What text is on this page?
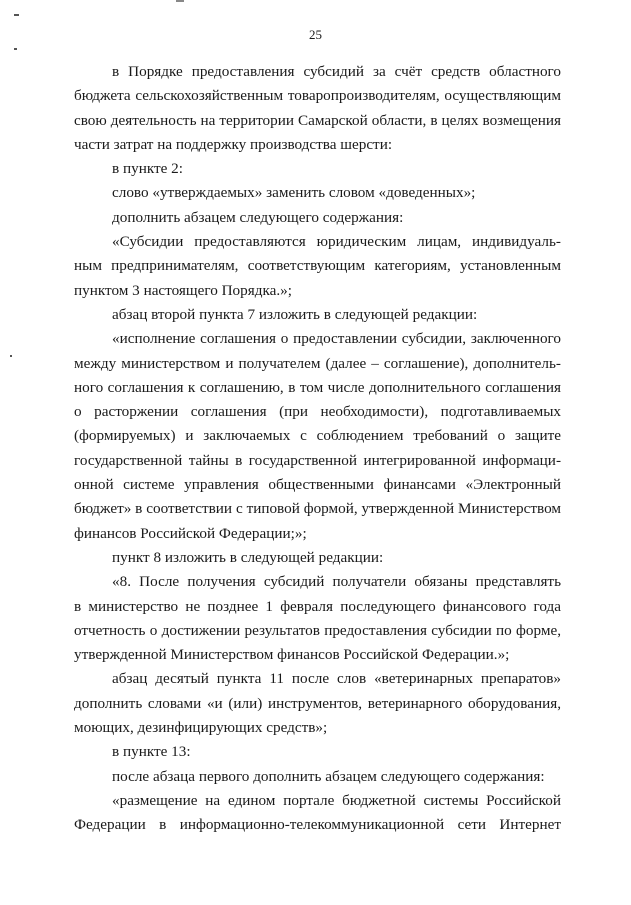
25
в Порядке предоставления субсидий за счёт средств областного
бюджета сельскохозяйственным товаропроизводителям, осуществляющим
свою деятельность на территории Самарской области, в целях возмещения
части затрат на поддержку производства шерсти:
в пункте 2:
слово «утверждаемых» заменить словом «доведенных»;
дополнить абзацем следующего содержания:
«Субсидии предоставляются юридическим лицам, индивидуаль-
ным предпринимателям, соответствующим категориям, установленным
пунктом 3 настоящего Порядка.»;
абзац второй пункта 7 изложить в следующей редакции:
«исполнение соглашения о предоставлении субсидии, заключенного
между министерством и получателем (далее – соглашение), дополнитель-
ного соглашения к соглашению, в том числе дополнительного соглашения
о расторжении соглашения (при необходимости), подготавливаемых
(формируемых) и заключаемых с соблюдением требований о защите
государственной тайны в государственной интегрированной информаци-
онной системе управления общественными финансами «Электронный
бюджет» в соответствии с типовой формой, утвержденной Министерством
финансов Российской Федерации;»;
пункт 8 изложить в следующей редакции:
«8. После получения субсидий получатели обязаны представлять
в министерство не позднее 1 февраля последующего финансового года
отчетность о достижении результатов предоставления субсидии по форме,
утвержденной Министерством финансов Российской Федерации.»;
абзац десятый пункта 11 после слов «ветеринарных препаратов»
дополнить словами «и (или) инструментов, ветеринарного оборудования,
моющих, дезинфицирующих средств»;
в пункте 13:
после абзаца первого дополнить абзацем следующего содержания:
«размещение на едином портале бюджетной системы Российской
Федерации в информационно-телекоммуникационной сети Интернет
